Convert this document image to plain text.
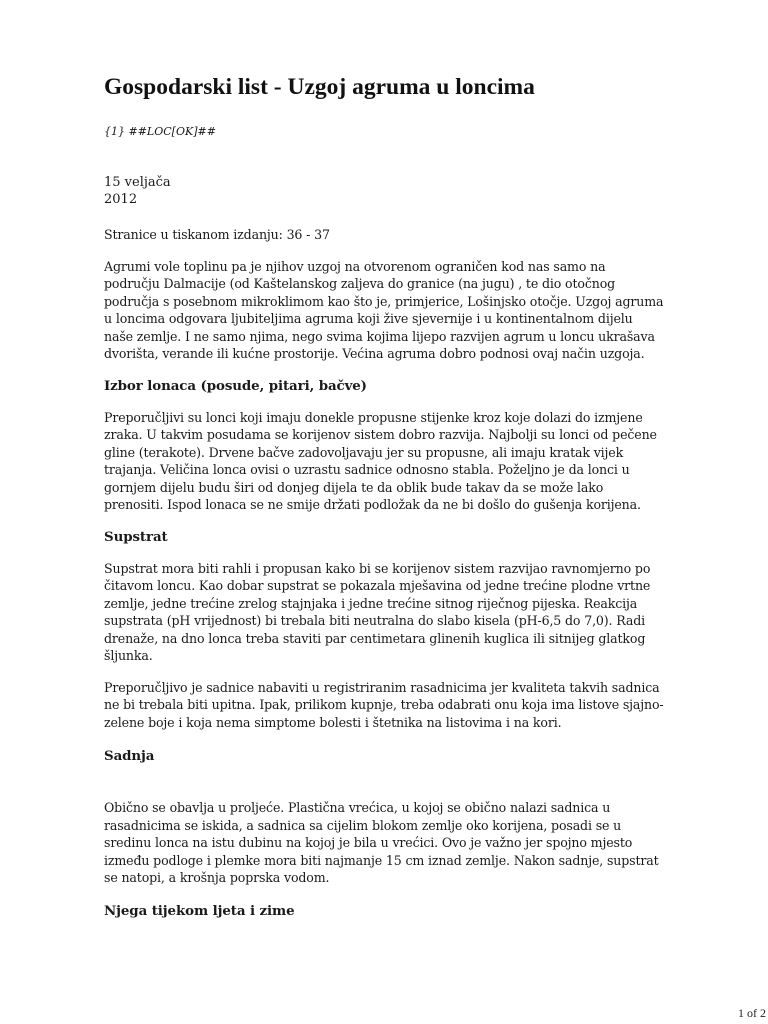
Gospodarski list - Uzgoj agruma u loncima
{1} ##LOC[OK]##
15 veljača
2012
Stranice u tiskanom izdanju: 36 - 37

Agrumi vole toplinu pa je njihov uzgoj na otvorenom ograničen kod nas samo na području Dalmacije (od Kaštelanskog zaljeva do granice (na jugu) , te dio otočnog područja s posebnom mikroklimom kao što je, primjerice, Lošinjsko otočje. Uzgoj agruma u loncima odgovara ljubiteljima agruma koji žive sjevernije i u kontinentalnom dijelu naše zemlje. I ne samo njima, nego svima kojima lijepo razvijen agrum u loncu ukrašava dvorišta, verande ili kućne prostorije. Većina agruma dobro podnosi ovaj način uzgoja.

Izbor lonaca (posude, pitari, bačve)

Preporučljivi su lonci koji imaju donekle propusne stijenke kroz koje dolazi do izmjene zraka. U takvim posudama se korijenov sistem dobro razvija. Najbolji su lonci od pečene gline (terakote). Drvene bačve zadovoljavaju jer su propusne, ali imaju kratak vijek trajanja. Veličina lonca ovisi o uzrastu sadnice odnosno stabla. Poželjno je da lonci u gornjem dijelu budu širi od donjeg dijela te da oblik bude takav da se može lako prenositi. Ispod lonaca se ne smije držati podložak da ne bi došlo do gušenja korijena.

Supstrat

Supstrat mora biti rahli i propusan kako bi se korijenov sistem razvijao ravnomjerno po čitavom loncu. Kao dobar supstrat se pokazala mješavina od jedne trećine plodne vrtne zemlje, jedne trećine zrelog stajnjaka i jedne trećine sitnog riječnog pijeska. Reakcija supstrata (pH vrijednost) bi trebala biti neutralna do slabo kisela (pH-6,5 do 7,0). Radi drenaže, na dno lonca treba staviti par centimetara glinenih kuglica ili sitnijeg glatkog šljunka.

Preporučljivo je sadnice nabaviti u registriranim rasadnicima jer kvaliteta takvih sadnica ne bi trebala biti upitna. Ipak, prilikom kupnje, treba odabrati onu koja ima listove sjajno-zelene boje i koja nema simptome bolesti i štetnika na listovima i na kori.

Sadnja

Obično se obavlja u proljeće. Plastična vrećica, u kojoj se obično nalazi sadnica u rasadnicima se iskida, a sadnica sa cijelim blokom zemlje oko korijena, posadi se u sredinu lonca na istu dubinu na kojoj je bila u vrećici. Ovo je važno jer spojno mjesto između podloge i plemke mora biti najmanje 15 cm iznad zemlje. Nakon sadnje, supstrat se natopi, a krošnja poprska vodom.

Njega tijekom ljeta i zime
1 of 2
